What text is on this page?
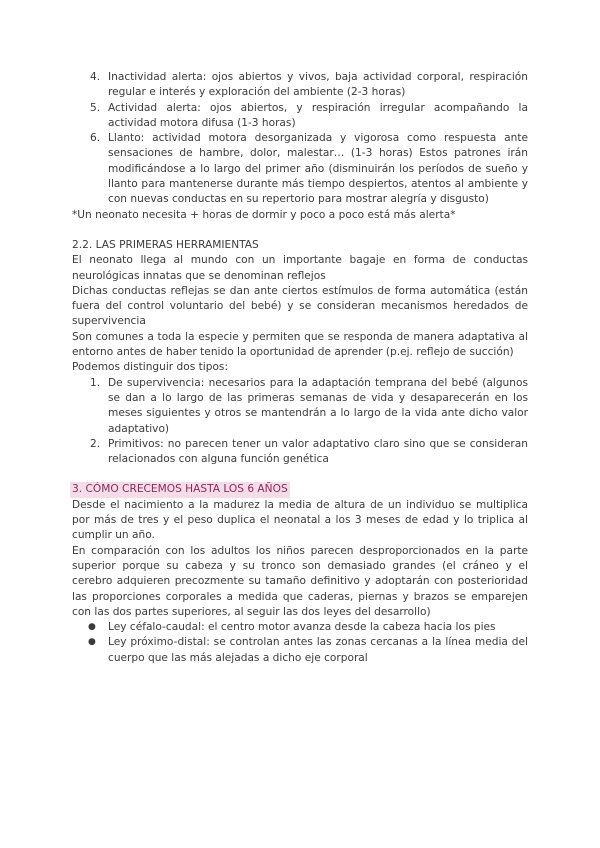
4. Inactividad alerta: ojos abiertos y vivos, baja actividad corporal, respiración regular e interés y exploración del ambiente (2-3 horas)
5. Actividad alerta: ojos abiertos, y respiración irregular acompañando la actividad motora difusa (1-3 horas)
6. Llanto: actividad motora desorganizada y vigorosa como respuesta ante sensaciones de hambre, dolor, malestar… (1-3 horas) Estos patrones irán modificándose a lo largo del primer año (disminuirán los períodos de sueño y llanto para mantenerse durante más tiempo despiertos, atentos al ambiente y con nuevas conductas en su repertorio para mostrar alegría y disgusto)

*Un neonato necesita + horas de dormir y poco a poco está más alerta*

2.2. LAS PRIMERAS HERRAMIENTAS

El neonato llega al mundo con un importante bagaje en forma de conductas neurológicas innatas que se denominan reflejos

Dichas conductas reflejas se dan ante ciertos estímulos de forma automática (están fuera del control voluntario del bebé) y se consideran mecanismos heredados de supervivencia

Son comunes a toda la especie y permiten que se responda de manera adaptativa al entorno antes de haber tenido la oportunidad de aprender (p.ej. reflejo de succión)

Podemos distinguir dos tipos:

1. De supervivencia: necesarios para la adaptación temprana del bebé (algunos se dan a lo largo de las primeras semanas de vida y desaparecerán en los meses siguientes y otros se mantendrán a lo largo de la vida ante dicho valor adaptativo)
2. Primitivos: no parecen tener un valor adaptativo claro sino que se consideran relacionados con alguna función genética

3. CÓMO CRECEMOS HASTA LOS 6 AÑOS

Desde el nacimiento a la madurez la media de altura de un individuo se multiplica por más de tres y el peso duplica el neonatal a los 3 meses de edad y lo triplica al cumplir un año.

En comparación con los adultos los niños parecen desproporcionados en la parte superior porque su cabeza y su tronco son demasiado grandes (el cráneo y el cerebro adquieren precozmente su tamaño definitivo y adoptarán con posterioridad las proporciones corporales a medida que caderas, piernas y brazos se emparejen con las dos partes superiores, al seguir las dos leyes del desarrollo)

● Ley céfalo-caudal: el centro motor avanza desde la cabeza hacia los pies
● Ley próximo-distal: se controlan antes las zonas cercanas a la línea media del cuerpo que las más alejadas a dicho eje corporal
